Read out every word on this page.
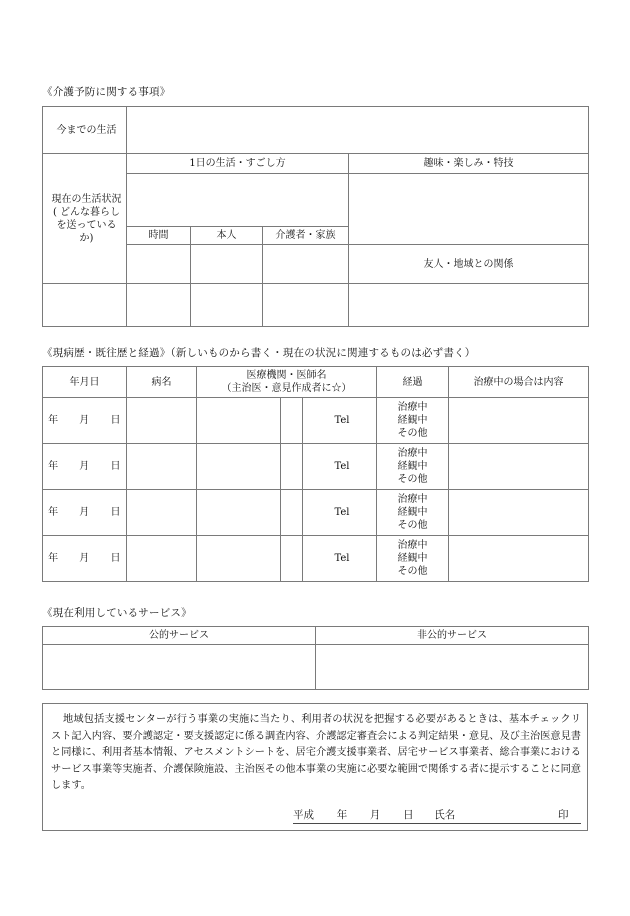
《介護予防に関する事項》
今までの生活				
現在の生活状況 ( どんな暮らしを送っているか)	1日の生活・すごし方			趣味・楽しみ・特技

	時間	本人	介護者・家族	

				友人・地域との関係

《現病歴・既往歴と経過》（新しいものから書く・現在の状況に関連するものは必ず書く）
年月日	病名	医療機関・医師名
（主治医・意見作成者に☆）			経過	治療中の場合は内容
年　　月　　日				Tel	治療中
経観中
その他	

年　　月　　日				Tel	治療中
経観中
その他	

年　　月　　日				Tel	治療中
経観中
その他	

年　　月　　日				Tel	治療中
経観中
その他	

《現在利用しているサービス》
公的サービス	非公的サービス

地域包括支援センターが行う事業の実施に当たり、利用者の状況を把握する必要があるときは、基本チェックリスト記入内容、要介護認定・要支援認定に係る調査内容、介護認定審査会による判定結果・意見、及び主治医意見書と同様に、利用者基本情報、アセスメントシートを、居宅介護支援事業者、居宅サービス事業者、総合事業におけるサービス事業等実施者、介護保険施設、主治医その他本事業の実施に必要な範囲で関係する者に提示することに同意します。
平成 年 月 日 氏名	印
